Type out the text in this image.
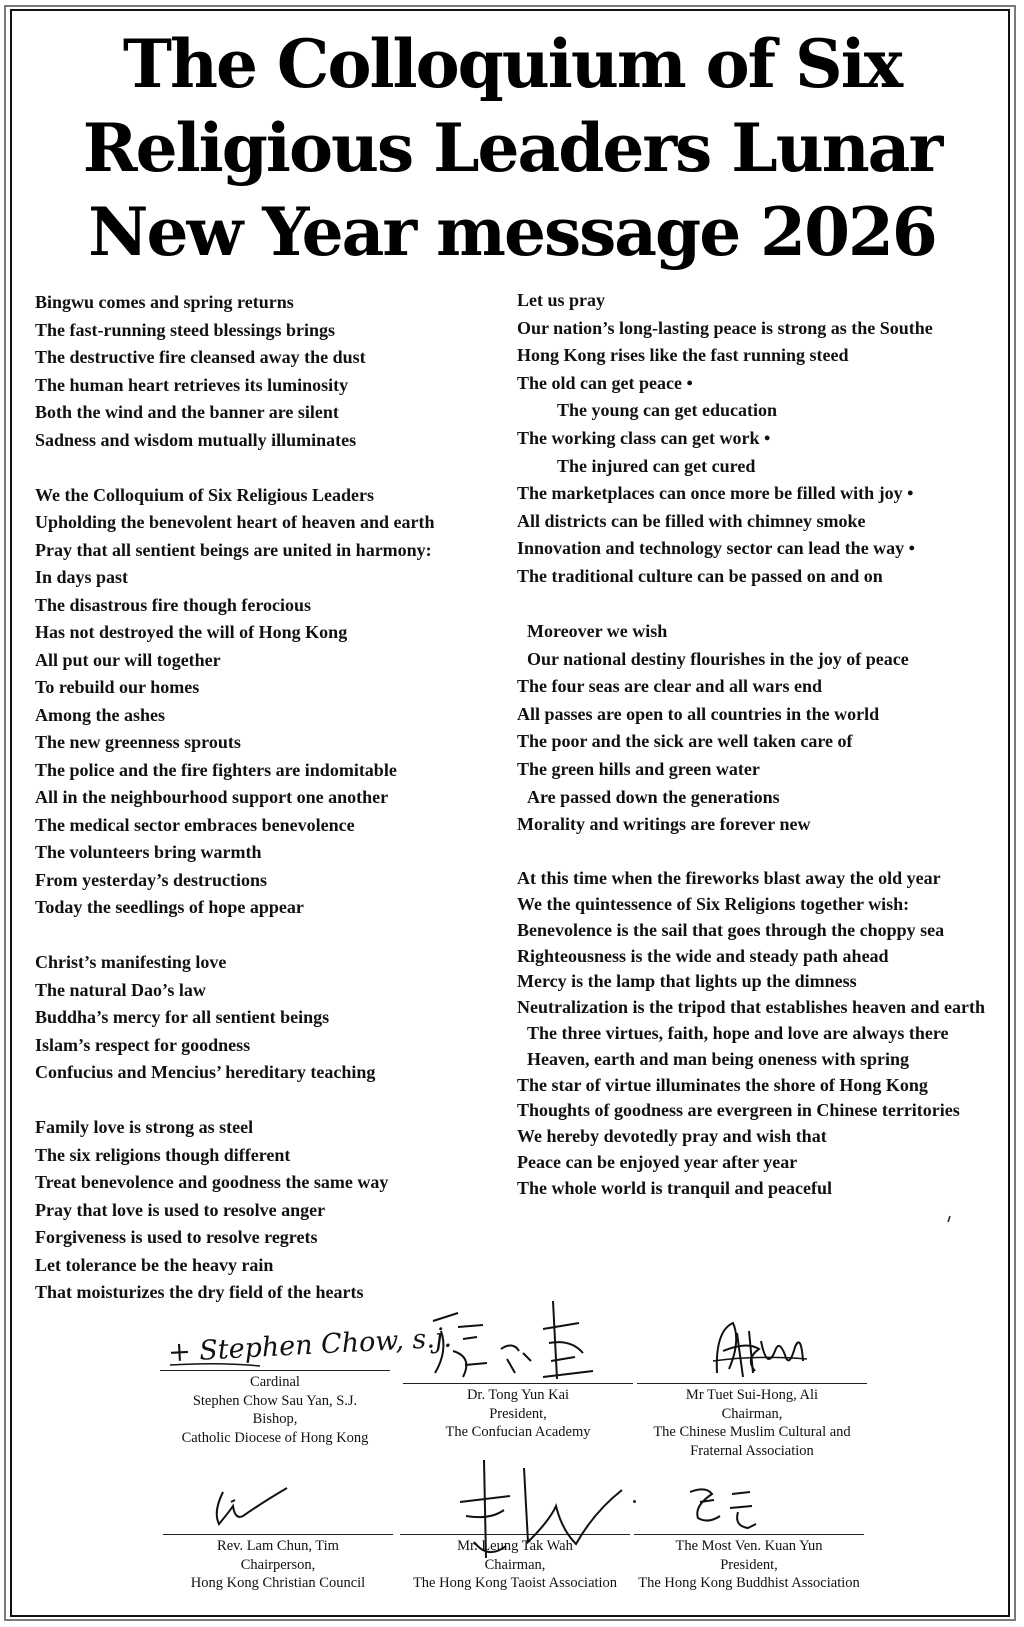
The Colloquium of Six Religious Leaders Lunar New Year message 2026
Bingwu comes and spring returns
The fast-running steed blessings brings
The destructive fire cleansed away the dust
The human heart retrieves its luminosity
Both the wind and the banner are silent
Sadness and wisdom mutually illuminates
We the Colloquium of Six Religious Leaders
Upholding the benevolent heart of heaven and earth
Pray that all sentient beings are united in harmony:
In days past
The disastrous fire though ferocious
Has not destroyed the will of Hong Kong
All put our will together
To rebuild our homes
Among the ashes
The new greenness sprouts
The police and the fire fighters are indomitable
All in the neighbourhood support one another
The medical sector embraces benevolence
The volunteers bring warmth
From yesterday’s destructions
Today the seedlings of hope appear
Christ’s manifesting love
The natural Dao’s law
Buddha’s mercy for all sentient beings
Islam’s respect for goodness
Confucius and Mencius’ hereditary teaching
Family love is strong as steel
The six religions though different
Treat benevolence and goodness the same way
Pray that love is used to resolve anger
Forgiveness is used to resolve regrets
Let tolerance be the heavy rain
That moisturizes the dry field of the hearts
Let us pray
Our nation’s long-lasting peace is strong as the Southe
Hong Kong rises like the fast running steed
The old can get peace •
The young can get education
The working class can get work •
The injured can get cured
The marketplaces can once more be filled with joy •
All districts can be filled with chimney smoke
Innovation and technology sector can lead the way •
The traditional culture can be passed on and on
Moreover we wish
Our national destiny flourishes in the joy of peace
The four seas are clear and all wars end
All passes are open to all countries in the world
The poor and the sick are well taken care of
The green hills and green water
Are passed down the generations
Morality and writings are forever new
At this time when the fireworks blast away the old year
We the quintessence of Six Religions together wish:
Benevolence is the sail that goes through the choppy sea
Righteousness is the wide and steady path ahead
Mercy is the lamp that lights up the dimness
Neutralization is the tripod that establishes heaven and earth
The three virtues, faith, hope and love are always there
Heaven, earth and man being oneness with spring
The star of virtue illuminates the shore of Hong Kong
Thoughts of goodness are evergreen in Chinese territories
We hereby devotedly pray and wish that
Peace can be enjoyed year after year
The whole world is tranquil and peaceful
+ Stephen Chow, s.j.
Cardinal
Stephen Chow Sau Yan, S.J.
Bishop,
Catholic Diocese of Hong Kong
Dr. Tong Yun Kai
President,
The Confucian Academy
Mr Tuet Sui-Hong, Ali
Chairman,
The Chinese Muslim Cultural and
Fraternal Association
Rev. Lam Chun, Tim
Chairperson,
Hong Kong Christian Council
Mr. Leung Tak Wah
Chairman,
The Hong Kong Taoist Association
The Most Ven. Kuan Yun
President,
The Hong Kong Buddhist Association
